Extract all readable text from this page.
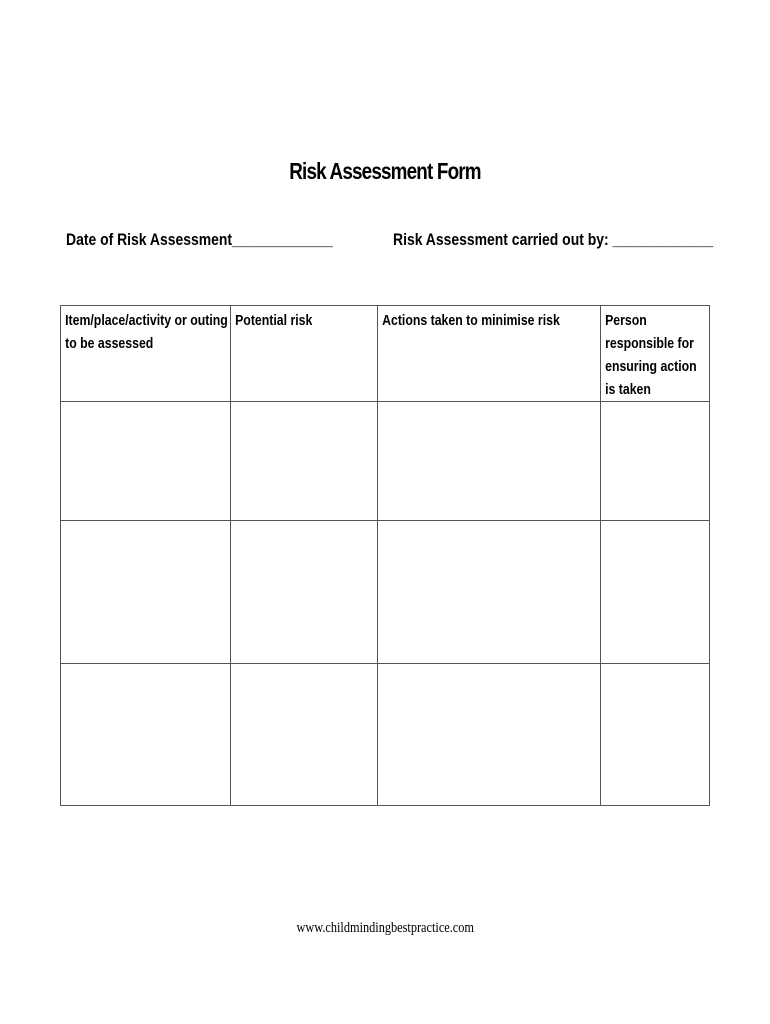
Risk Assessment Form
Date of Risk Assessment_____________	Risk Assessment carried out by: _____________
Item/place/activity or outing to be assessed	Potential risk	Actions taken to minimise risk	Person responsible for ensuring action is taken

www.childmindingbestpractice.com
